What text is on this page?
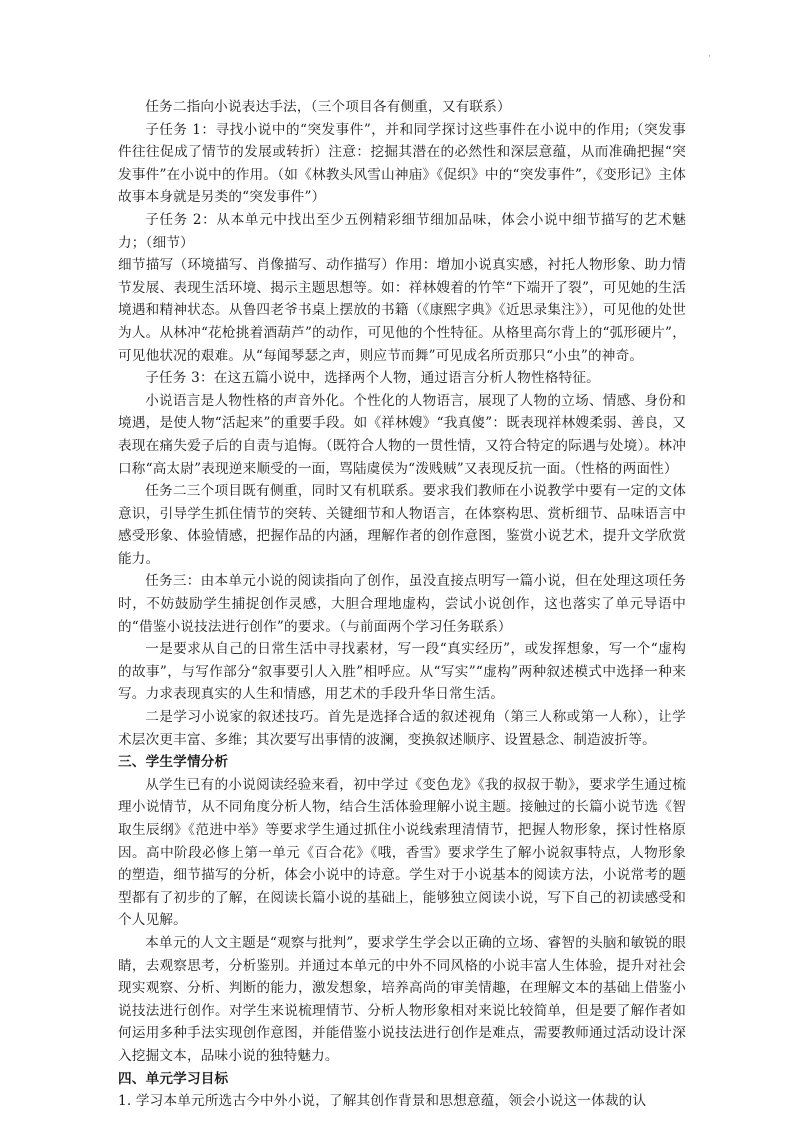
·

任务二指向小说表达手法，（三个项目各有侧重，又有联系）

子任务 1：寻找小说中的“突发事件”，并和同学探讨这些事件在小说中的作用;（突发事件往往促成了情节的发展或转折）注意：挖掘其潜在的必然性和深层意蕴，从而准确把握“突发事件”在小说中的作用。（如《林教头风雪山神庙》《促织》中的“突发事件”，《变形记》主体故事本身就是另类的“突发事件”）

子任务 2：从本单元中找出至少五例精彩细节细加品味，体会小说中细节描写的艺术魅力；（细节）

细节描写（环境描写、肖像描写、动作描写）作用：增加小说真实感，衬托人物形象、助力情节发展、表现生活环境、揭示主题思想等。如：祥林嫂着的竹竿“下端开了裂”，可见她的生活境遇和精神状态。从鲁四老爷书桌上摆放的书籍（《康熙字典》《近思录集注》），可见他的处世为人。从林冲“花枪挑着酒葫芦”的动作，可见他的个性特征。从格里高尔背上的“弧形硬片”，可见他状况的艰难。从“每闻琴瑟之声，则应节而舞”可见成名所贡那只“小虫”的神奇。

子任务 3：在这五篇小说中，选择两个人物，通过语言分析人物性格特征。

小说语言是人物性格的声音外化。个性化的人物语言，展现了人物的立场、情感、身份和境遇，是使人物“活起来”的重要手段。如《祥林嫂》“我真傻”：既表现祥林嫂柔弱、善良，又表现在痛失爱子后的自责与追悔。（既符合人物的一贯性情，又符合特定的际遇与处境）。林冲口称“高太尉”表现逆来顺受的一面，骂陆虞侯为“泼贱贼”又表现反抗一面。（性格的两面性）

任务二三个项目既有侧重，同时又有机联系。要求我们教师在小说教学中要有一定的文体意识，引导学生抓住情节的突转、关键细节和人物语言，在体察构思、赏析细节、品味语言中感受形象、体验情感，把握作品的内涵，理解作者的创作意图，鉴赏小说艺术，提升文学欣赏能力。

任务三：由本单元小说的阅读指向了创作，虽没直接点明写一篇小说，但在处理这项任务时，不妨鼓励学生捕捉创作灵感，大胆合理地虚构，尝试小说创作，这也落实了单元导语中的“借鉴小说技法进行创作”的要求。（与前面两个学习任务联系）

一是要求从自己的日常生活中寻找素材，写一段“真实经历”，或发挥想象，写一个“虚构的故事”，与写作部分“叙事要引人入胜”相呼应。从“写实”“虚构”两种叙述模式中选择一种来写。力求表现真实的人生和情感，用艺术的手段升华日常生活。

二是学习小说家的叙述技巧。首先是选择合适的叙述视角（第三人称或第一人称），让学术层次更丰富、多维；其次要写出事情的波澜，变换叙述顺序、设置悬念、制造波折等。

三、学生学情分析

从学生已有的小说阅读经验来看，初中学过《变色龙》《我的叔叔于勒》，要求学生通过梳理小说情节，从不同角度分析人物，结合生活体验理解小说主题。接触过的长篇小说节选《智取生辰纲》《范进中举》等要求学生通过抓住小说线索理清情节，把握人物形象，探讨性格原因。高中阶段必修上第一单元《百合花》《哦，香雪》要求学生了解小说叙事特点，人物形象的塑造，细节描写的分析，体会小说中的诗意。学生对于小说基本的阅读方法，小说常考的题型都有了初步的了解，在阅读长篇小说的基础上，能够独立阅读小说，写下自己的初读感受和个人见解。

本单元的人文主题是“观察与批判”，要求学生学会以正确的立场、睿智的头脑和敏锐的眼睛，去观察思考，分析鉴别。并通过本单元的中外不同风格的小说丰富人生体验，提升对社会现实观察、分析、判断的能力，激发想象，培养高尚的审美情趣，在理解文本的基础上借鉴小说技法进行创作。对学生来说梳理情节、分析人物形象相对来说比较简单，但是要了解作者如何运用多种手法实现创作意图，并能借鉴小说技法进行创作是难点，需要教师通过活动设计深入挖掘文本，品味小说的独特魅力。

四、单元学习目标

1. 学习本单元所选古今中外小说，了解其创作背景和思想意蕴，领会小说这一体裁的认
